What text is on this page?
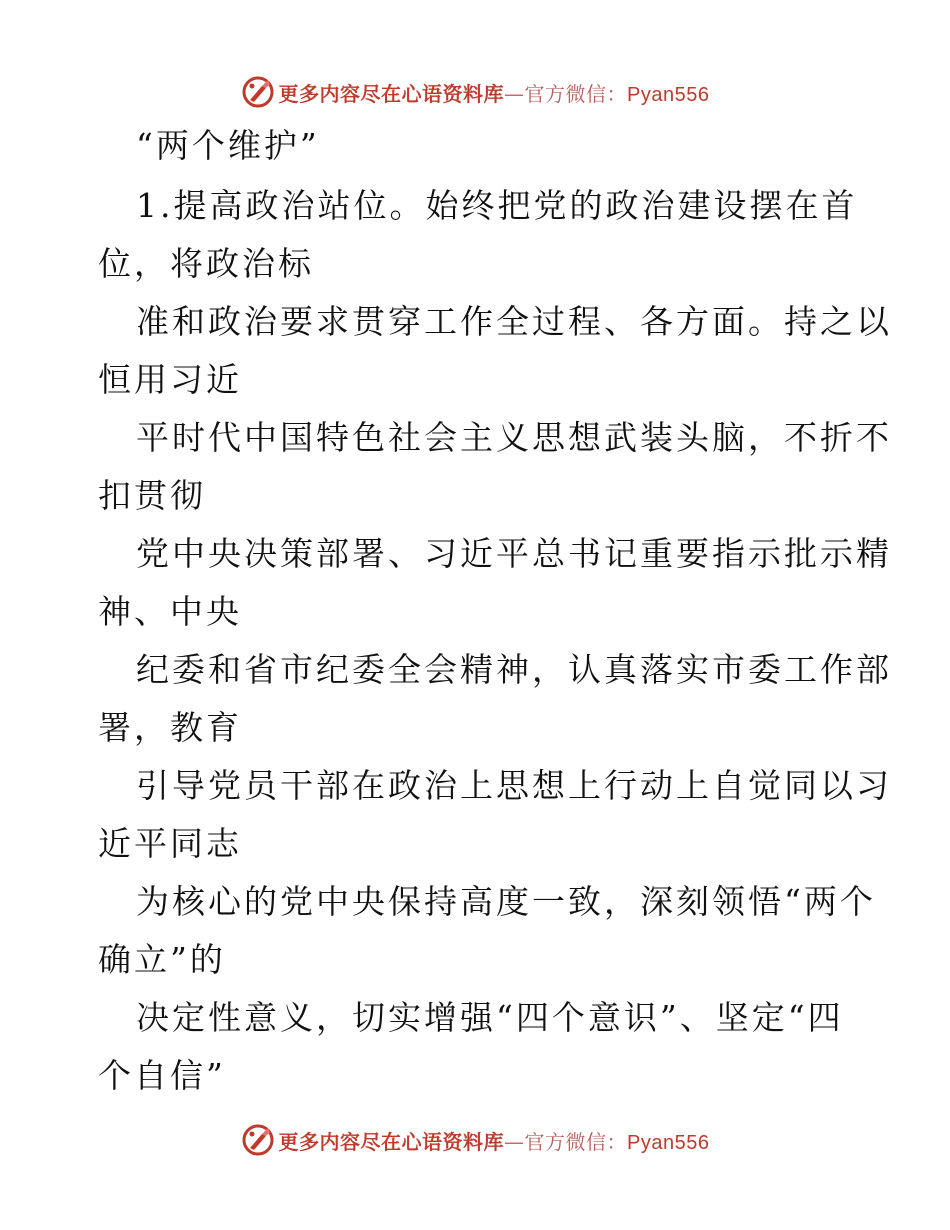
更多内容尽在心语资料库—官方微信：Pyan556
“两个维护”
1.提高政治站位。始终把党的政治建设摆在首
位，将政治标
准和政治要求贯穿工作全过程、各方面。持之以
恒用习近
平时代中国特色社会主义思想武装头脑，不折不
扣贯彻
党中央决策部署、习近平总书记重要指示批示精
神、中央
纪委和省市纪委全会精神，认真落实市委工作部
署，教育
引导党员干部在政治上思想上行动上自觉同以习
近平同志
为核心的党中央保持高度一致，深刻领悟“两个
确立”的
决定性意义，切实增强“四个意识”、坚定“四
个自信”
更多内容尽在心语资料库—官方微信：Pyan556
